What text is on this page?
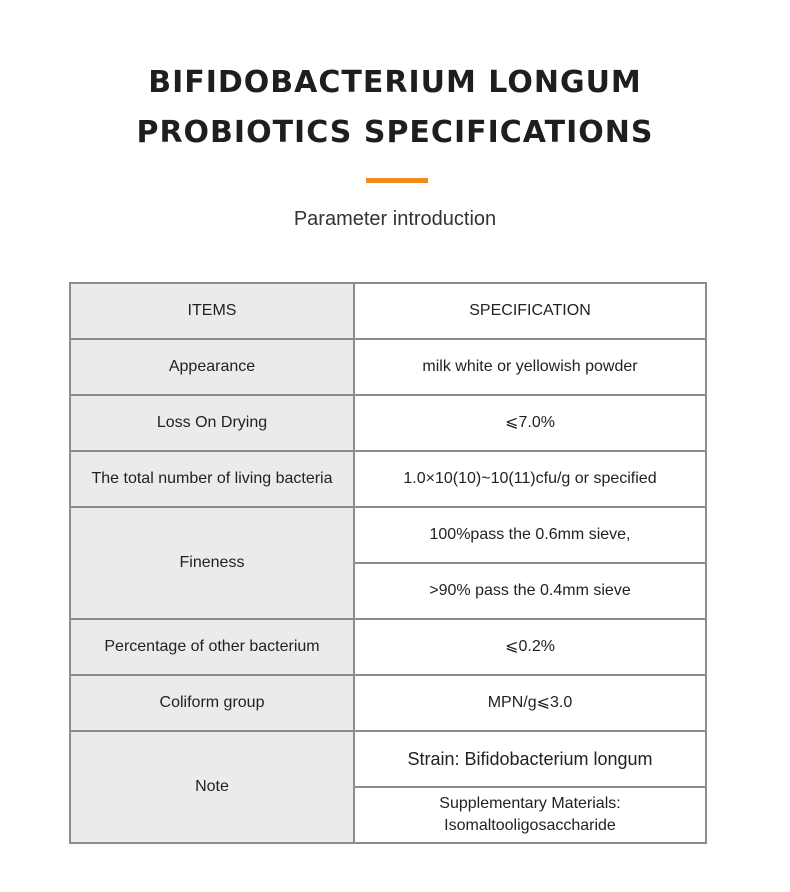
BIFIDOBACTERIUM LONGUM
PROBIOTICS SPECIFICATIONS
Parameter introduction
ITEMS	SPECIFICATION
Appearance	milk white or yellowish powder
Loss On Drying	⩽7.0%
The total number of living bacteria	1.0×10(10)~10(11)cfu/g or specified
Fineness	100%pass the 0.6mm sieve,
	>90% pass the 0.4mm sieve
Percentage of other bacterium	⩽0.2%
Coliform group	MPN/g⩽3.0
Note	Strain: Bifidobacterium longum
	Supplementary Materials:
Isomaltooligosaccharide
